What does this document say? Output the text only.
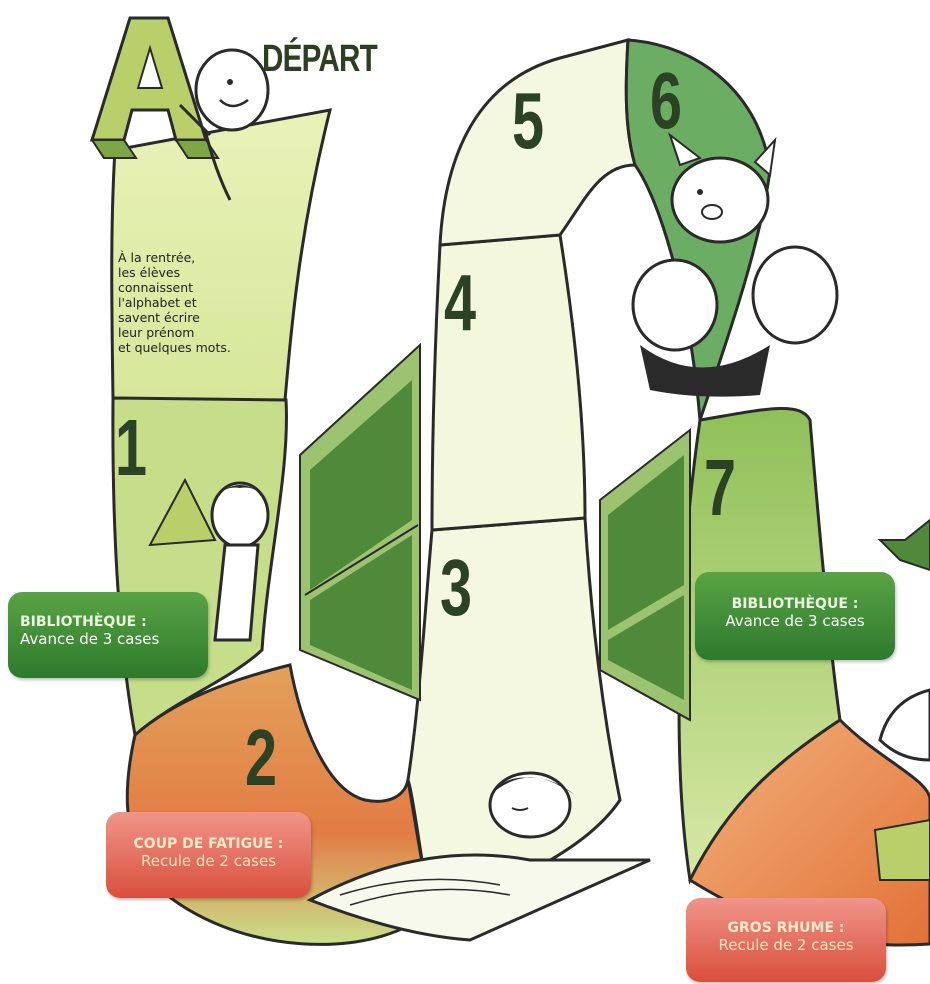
1
2
3
4
5 6
7
DÉPART
À la rentrée,
les élèves
connaissent
l'alphabet et
savent écrire
leur prénom
et quelques mots.
BIBLIOTHÈQUE :
Avance de 3 cases
COUP DE FATIGUE :
Recule de 2 cases
BIBLIOTHÈQUE :
Avance de 3 cases
GROS RHUME :
Recule de 2 cases
